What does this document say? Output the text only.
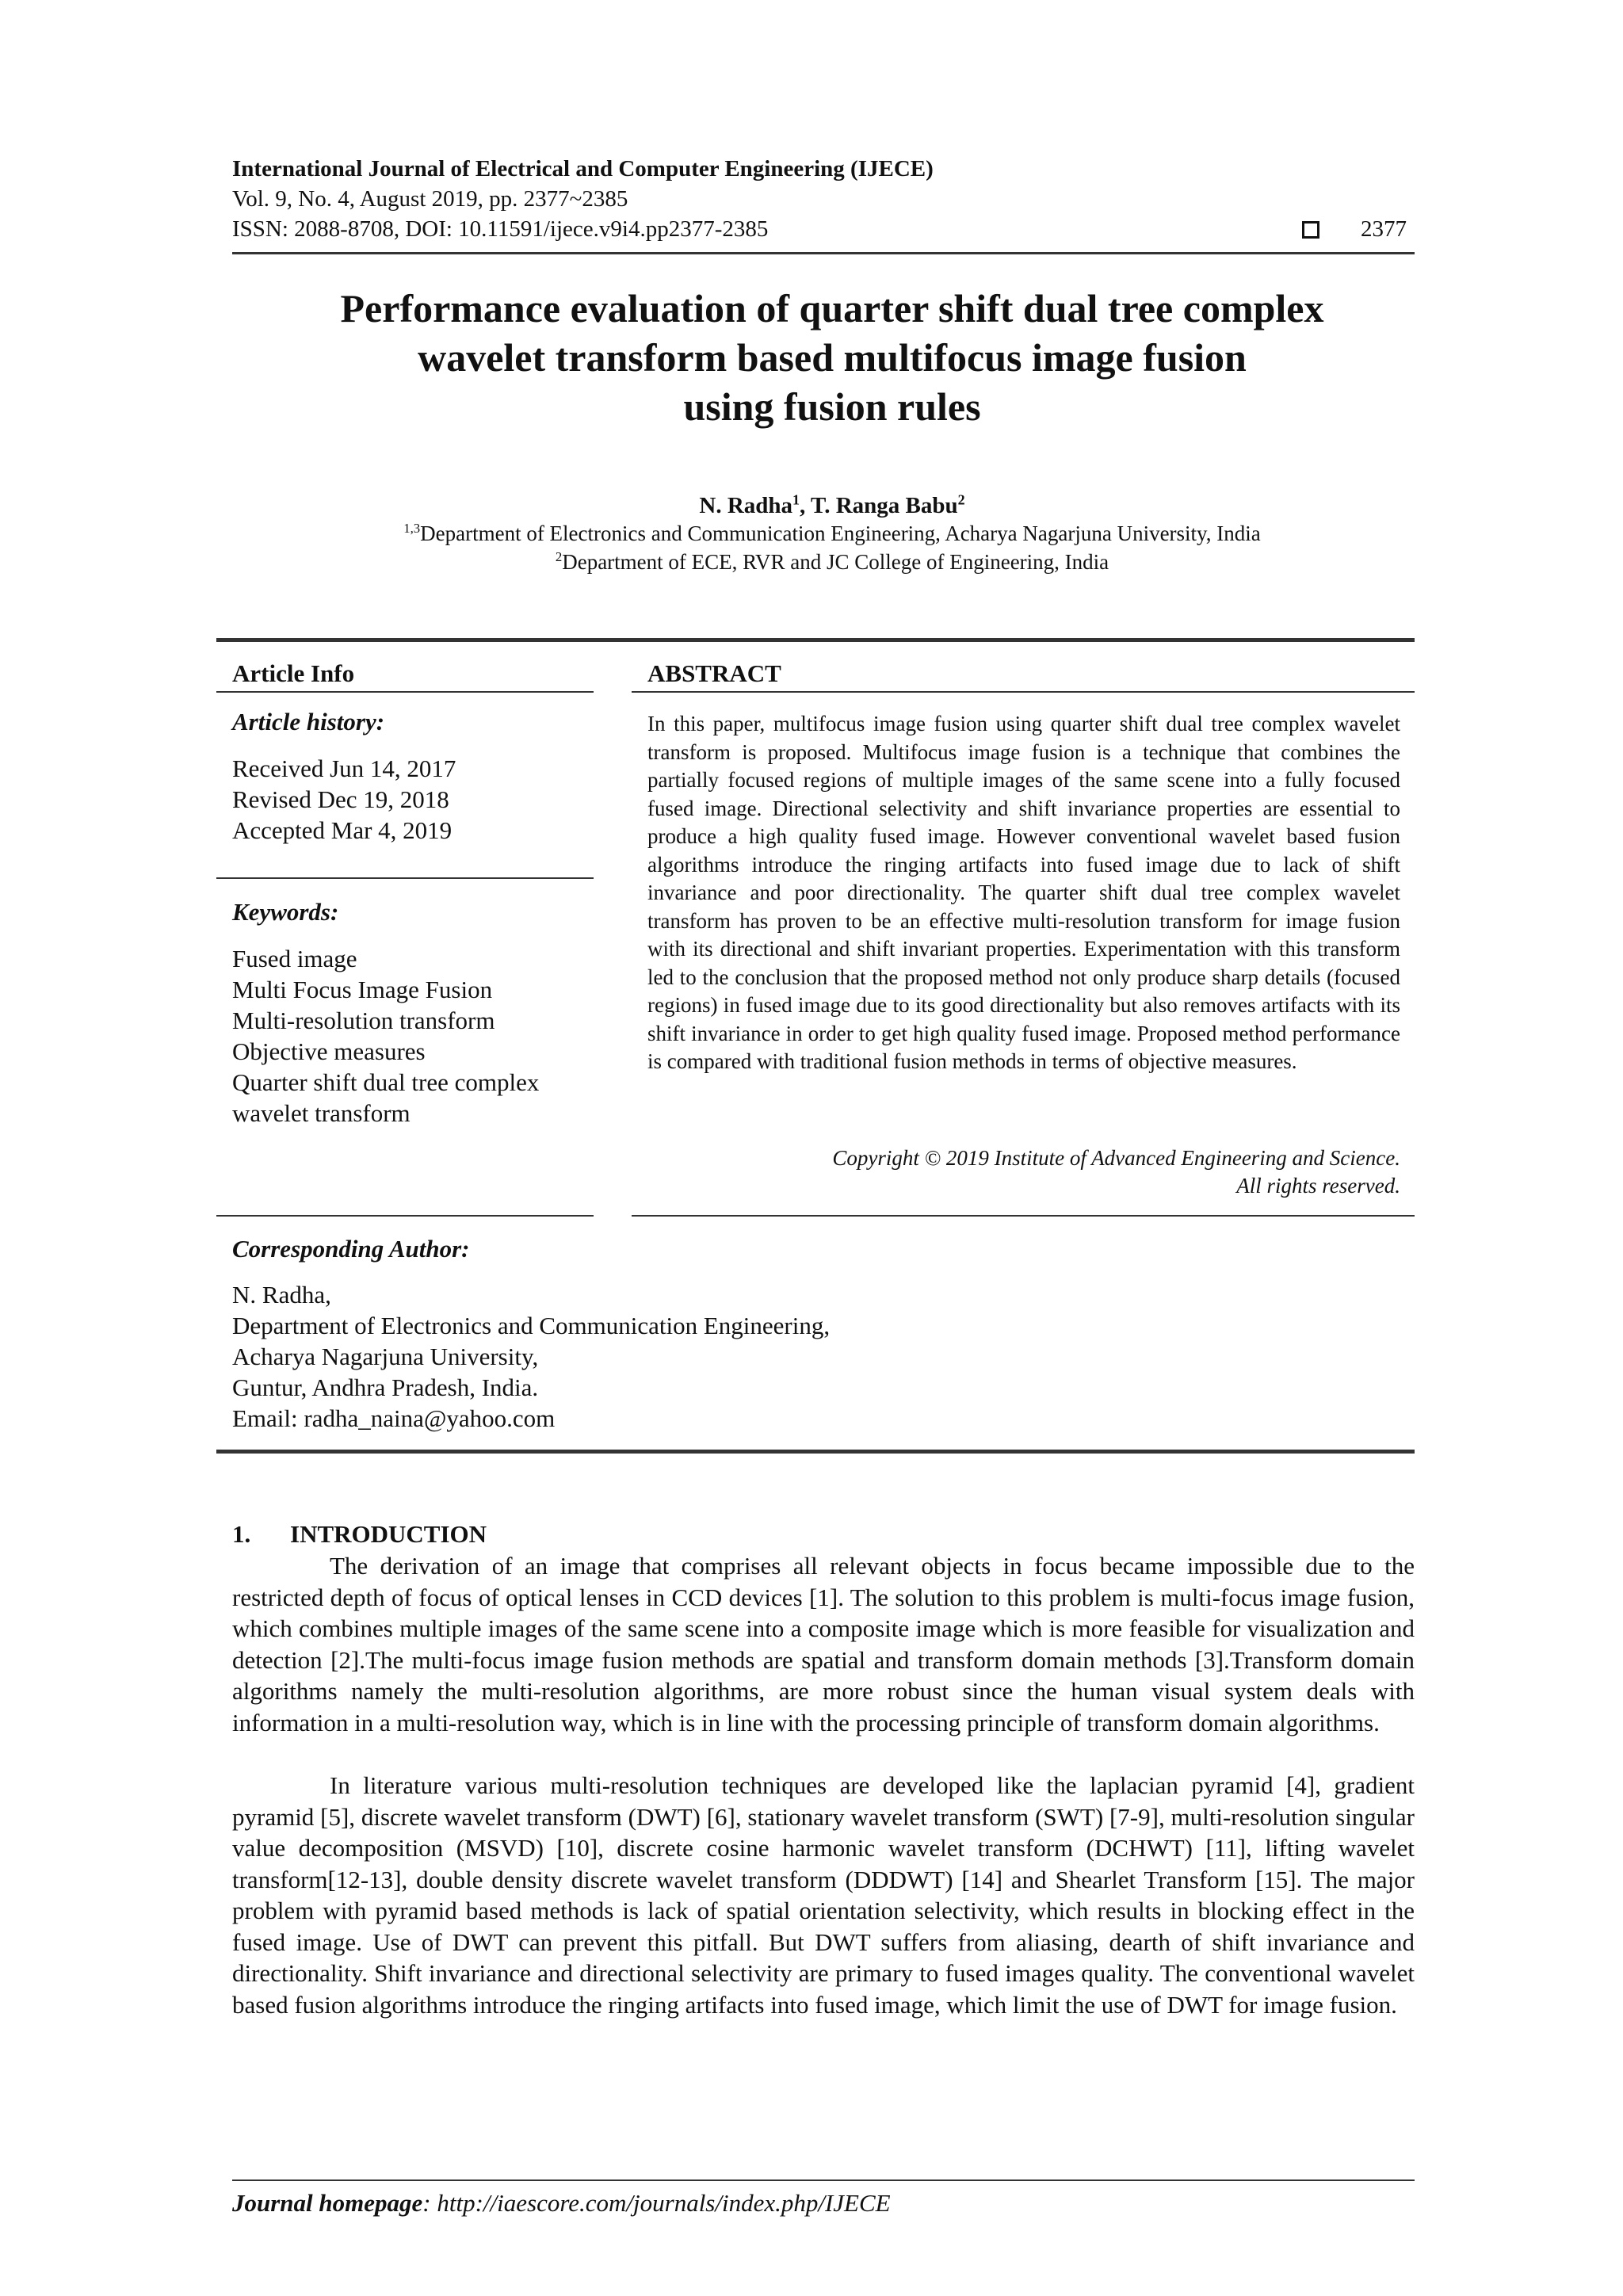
International Journal of Electrical and Computer Engineering (IJECE)
Vol. 9, No. 4, August 2019, pp. 2377~2385
ISSN: 2088-8708, DOI: 10.11591/ijece.v9i4.pp2377-2385	2377
Performance evaluation of quarter shift dual tree complex
wavelet transform based multifocus image fusion
using fusion rules
N. Radha$^1$, T. Ranga Babu$^2$
$^{1,3}$Department of Electronics and Communication Engineering, Acharya Nagarjuna University, India
$^2$Department of ECE, RVR and JC College of Engineering, India
Article Info
Article history:
Received Jun 14, 2017
Revised Dec 19, 2018
Accepted Mar 4, 2019
Keywords:
Fused image
Multi Focus Image Fusion
Multi-resolution transform
Objective measures
Quarter shift dual tree complex
wavelet transform
ABSTRACT
In this paper, multifocus image fusion using quarter shift dual tree complex wavelet transform is proposed. Multifocus image fusion is a technique that combines the partially focused regions of multiple images of the same scene into a fully focused fused image. Directional selectivity and shift invariance properties are essential to produce a high quality fused image. However conventional wavelet based fusion algorithms introduce the ringing artifacts into fused image due to lack of shift invariance and poor directionality. The quarter shift dual tree complex wavelet transform has proven to be an effective multi-resolution transform for image fusion with its directional and shift invariant properties. Experimentation with this transform led to the conclusion that the proposed method not only produce sharp details (focused regions) in fused image due to its good directionality but also removes artifacts with its shift invariance in order to get high quality fused image. Proposed method performance is compared with traditional fusion methods in terms of objective measures.
Copyright © 2019 Institute of Advanced Engineering and Science.
All rights reserved.
Corresponding Author:
N. Radha,
Department of Electronics and Communication Engineering,
Acharya Nagarjuna University,
Guntur, Andhra Pradesh, India.
Email: radha_naina@yahoo.com
1. INTRODUCTION
The derivation of an image that comprises all relevant objects in focus became impossible due to the restricted depth of focus of optical lenses in CCD devices [1]. The solution to this problem is multi-focus image fusion, which combines multiple images of the same scene into a composite image which is more feasible for visualization and detection [2].The multi-focus image fusion methods are spatial and transform domain methods [3].Transform domain algorithms namely the multi-resolution algorithms, are more robust since the human visual system deals with information in a multi-resolution way, which is in line with the processing principle of transform domain algorithms.
In literature various multi-resolution techniques are developed like the laplacian pyramid [4], gradient pyramid [5], discrete wavelet transform (DWT) [6], stationary wavelet transform (SWT) [7-9], multi-resolution singular value decomposition (MSVD) [10], discrete cosine harmonic wavelet transform (DCHWT) [11], lifting wavelet transform[12-13], double density discrete wavelet transform (DDDWT) [14] and Shearlet Transform [15]. The major problem with pyramid based methods is lack of spatial orientation selectivity, which results in blocking effect in the fused image. Use of DWT can prevent this pitfall. But DWT suffers from aliasing, dearth of shift invariance and directionality. Shift invariance and directional selectivity are primary to fused images quality. The conventional wavelet based fusion algorithms introduce the ringing artifacts into fused image, which limit the use of DWT for image fusion.
Journal homepage: http://iaescore.com/journals/index.php/IJECE
